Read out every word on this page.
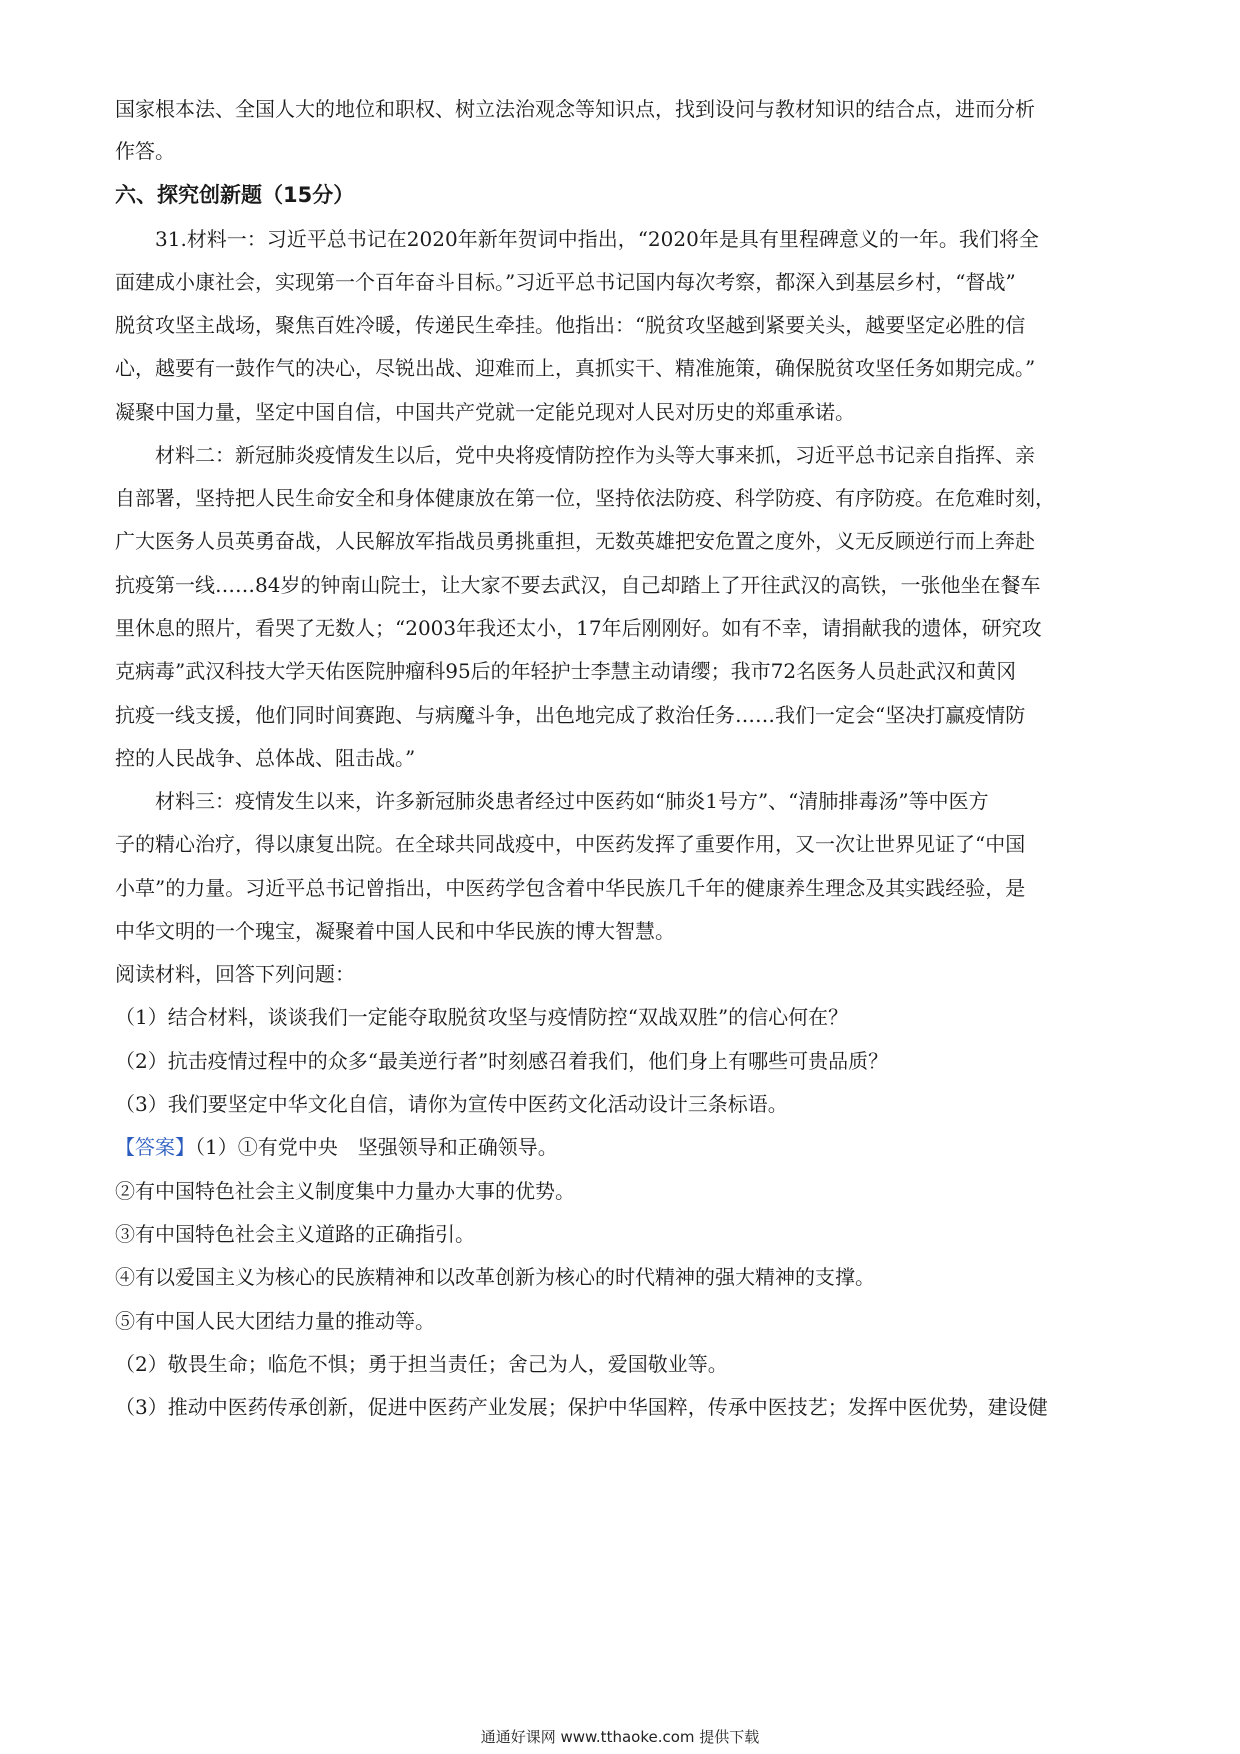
国家根本法、全国人大的地位和职权、树立法治观念等知识点，找到设问与教材知识的结合点，进而分析
作答。
六、探究创新题（15分）
31.材料一：习近平总书记在2020年新年贺词中指出，“2020年是具有里程碑意义的一年。我们将全
面建成小康社会，实现第一个百年奋斗目标。”习近平总书记国内每次考察，都深入到基层乡村，“督战”
脱贫攻坚主战场，聚焦百姓冷暖，传递民生牵挂。他指出：“脱贫攻坚越到紧要关头，越要坚定必胜的信
心，越要有一鼓作气的决心，尽锐出战、迎难而上，真抓实干、精准施策，确保脱贫攻坚任务如期完成。”
凝聚中国力量，坚定中国自信，中国共产党就一定能兑现对人民对历史的郑重承诺。
材料二：新冠肺炎疫情发生以后，党中央将疫情防控作为头等大事来抓，习近平总书记亲自指挥、亲
自部署，坚持把人民生命安全和身体健康放在第一位，坚持依法防疫、科学防疫、有序防疫。在危难时刻，
广大医务人员英勇奋战，人民解放军指战员勇挑重担，无数英雄把安危置之度外，义无反顾逆行而上奔赴
抗疫第一线……84岁的钟南山院士，让大家不要去武汉，自己却踏上了开往武汉的高铁，一张他坐在餐车
里休息的照片，看哭了无数人；“2003年我还太小，17年后刚刚好。如有不幸，请捐献我的遗体，研究攻
克病毒”武汉科技大学天佑医院肿瘤科95后的年轻护士李慧主动请缨；我市72名医务人员赴武汉和黄冈
抗疫一线支援，他们同时间赛跑、与病魔斗争，出色地完成了救治任务……我们一定会“坚决打赢疫情防
控的人民战争、总体战、阻击战。”
材料三：疫情发生以来，许多新冠肺炎患者经过中医药如“肺炎1号方”、“清肺排毒汤”等中医方
子的精心治疗，得以康复出院。在全球共同战疫中，中医药发挥了重要作用，又一次让世界见证了“中国
小草”的力量。习近平总书记曾指出，中医药学包含着中华民族几千年的健康养生理念及其实践经验，是
中华文明的一个瑰宝，凝聚着中国人民和中华民族的博大智慧。
阅读材料，回答下列问题：
（1）结合材料，谈谈我们一定能夺取脱贫攻坚与疫情防控“双战双胜”的信心何在？
（2）抗击疫情过程中的众多“最美逆行者”时刻感召着我们，他们身上有哪些可贵品质？
（3）我们要坚定中华文化自信，请你为宣传中医药文化活动设计三条标语。
【答案】（1）①有党中央　坚强领导和正确领导。
②有中国特色社会主义制度集中力量办大事的优势。
③有中国特色社会主义道路的正确指引。
④有以爱国主义为核心的民族精神和以改革创新为核心的时代精神的强大精神的支撑。
⑤有中国人民大团结力量的推动等。
（2）敬畏生命；临危不惧；勇于担当责任；舍己为人，爱国敬业等。
（3）推动中医药传承创新，促进中医药产业发展；保护中华国粹，传承中医技艺；发挥中医优势，建设健
通通好课网 www.tthaoke.com 提供下载
